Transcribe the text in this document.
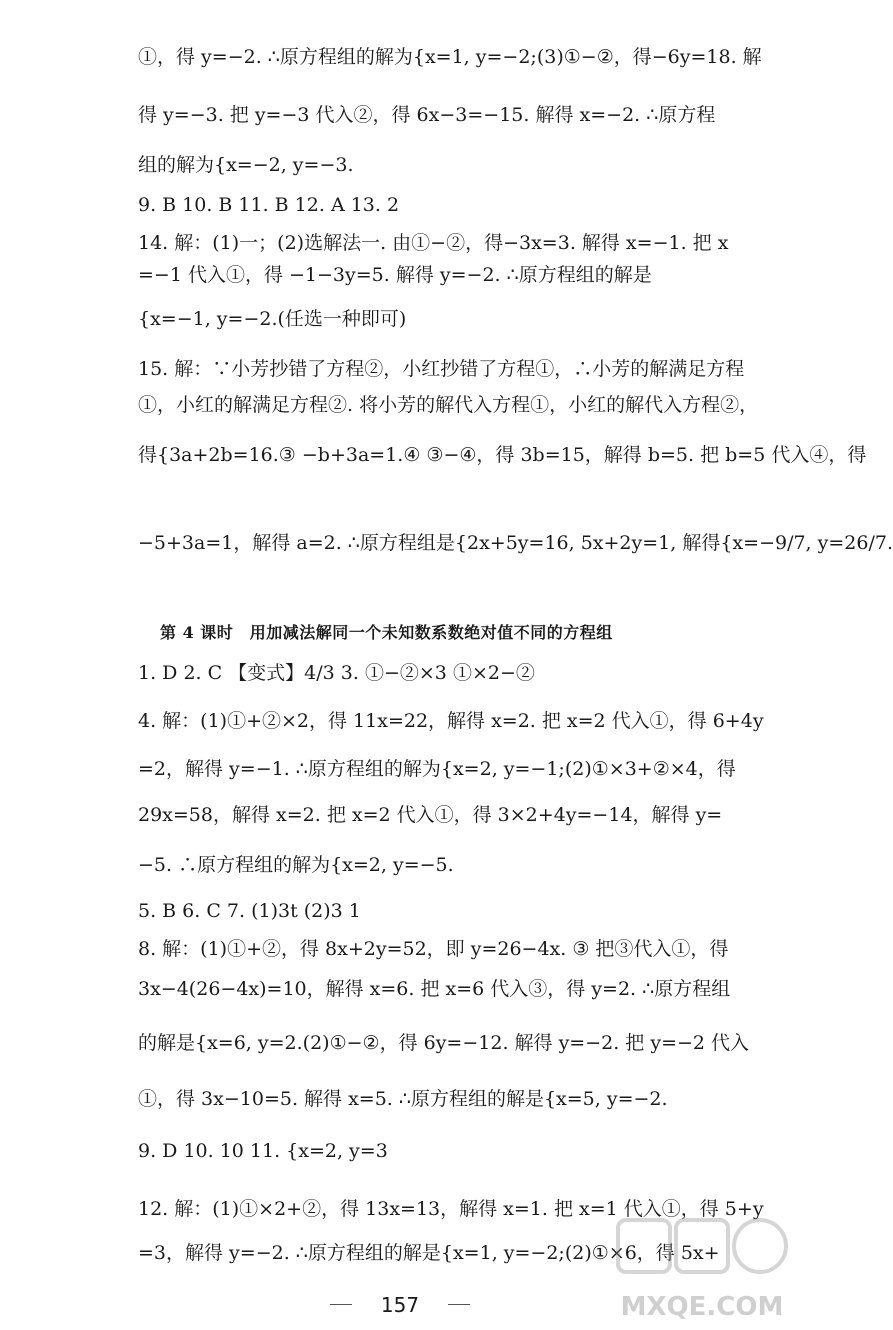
①，得 y=−2. ∴原方程组的解为{x=1, y=−2;(3)①−②，得−6y=18. 解
得 y=−3. 把 y=−3 代入②，得 6x−3=−15. 解得 x=−2. ∴原方程
组的解为{x=−2, y=−3.
9. B 10. B 11. B 12. A 13. 2
14. 解：(1)一；(2)选解法一. 由①−②，得−3x=3. 解得 x=−1. 把 x
=−1 代入①，得 −1−3y=5. 解得 y=−2. ∴原方程组的解是
{x=−1, y=−2.(任选一种即可)
15. 解：∵小芳抄错了方程②，小红抄错了方程①，∴小芳的解满足方程
①，小红的解满足方程②. 将小芳的解代入方程①，小红的解代入方程②，
得{3a+2b=16.③ −b+3a=1.④ ③−④，得 3b=15，解得 b=5. 把 b=5 代入④，得
−5+3a=1，解得 a=2. ∴原方程组是{2x+5y=16, 5x+2y=1, 解得{x=−9/7, y=26/7.
第 4 课时　用加减法解同一个未知数系数绝对值不同的方程组
1. D 2. C 【变式】4/3 3. ①−②×3 ①×2−②
4. 解：(1)①+②×2，得 11x=22，解得 x=2. 把 x=2 代入①，得 6+4y
=2，解得 y=−1. ∴原方程组的解为{x=2, y=−1;(2)①×3+②×4，得
29x=58，解得 x=2. 把 x=2 代入①，得 3×2+4y=−14，解得 y=
−5. ∴原方程组的解为{x=2, y=−5.
5. B 6. C 7. (1)3t (2)3 1
8. 解：(1)①+②，得 8x+2y=52，即 y=26−4x. ③ 把③代入①，得
3x−4(26−4x)=10，解得 x=6. 把 x=6 代入③，得 y=2. ∴原方程组
的解是{x=6, y=2.(2)①−②，得 6y=−12. 解得 y=−2. 把 y=−2 代入
①，得 3x−10=5. 解得 x=5. ∴原方程组的解是{x=5, y=−2.
9. D 10. 10 11. {x=2, y=3
12. 解：(1)①×2+②，得 13x=13，解得 x=1. 把 x=1 代入①，得 5+y
=3，解得 y=−2. ∴原方程组的解是{x=1, y=−2;(2)①×6，得 5x+
157	MXQE.COM
